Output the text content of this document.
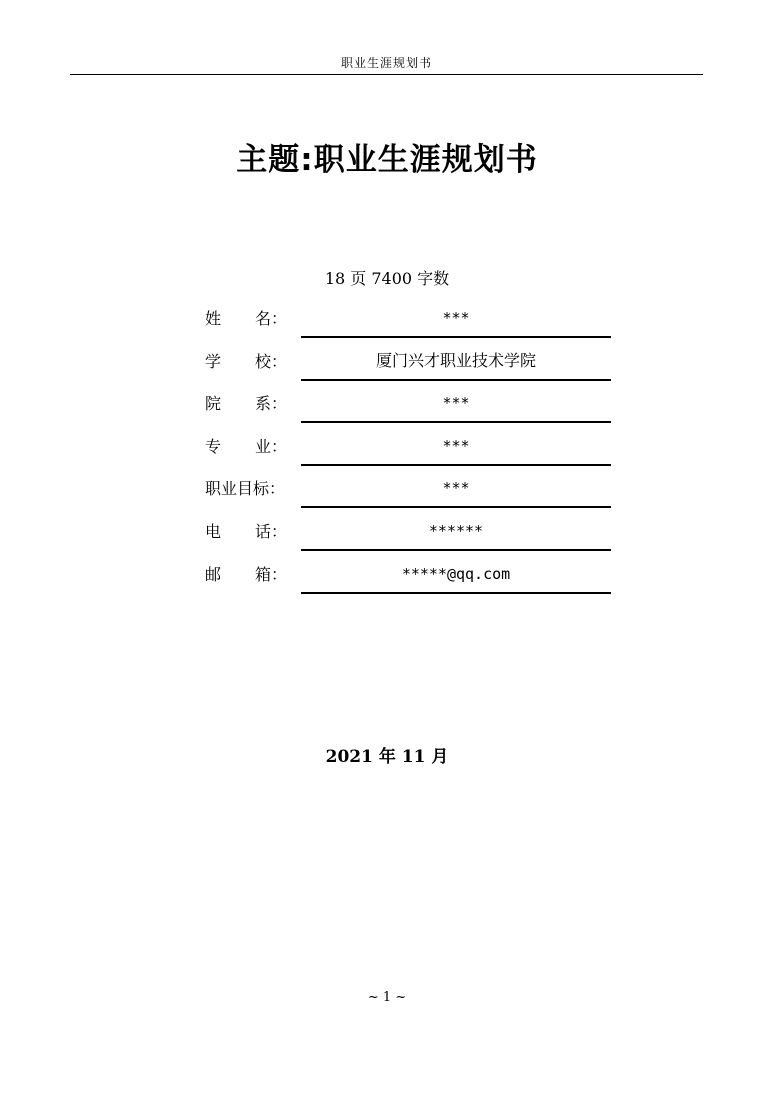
职业生涯规划书
主题:职业生涯规划书
18 页 7400 字数
姓 名：	***
学 校：	厦门兴才职业技术学院
院 系：	***
专 业：	***
职业目标：	***
电 话：	******
邮 箱：	*****@qq.com
2021 年 11 月
~ 1 ~
